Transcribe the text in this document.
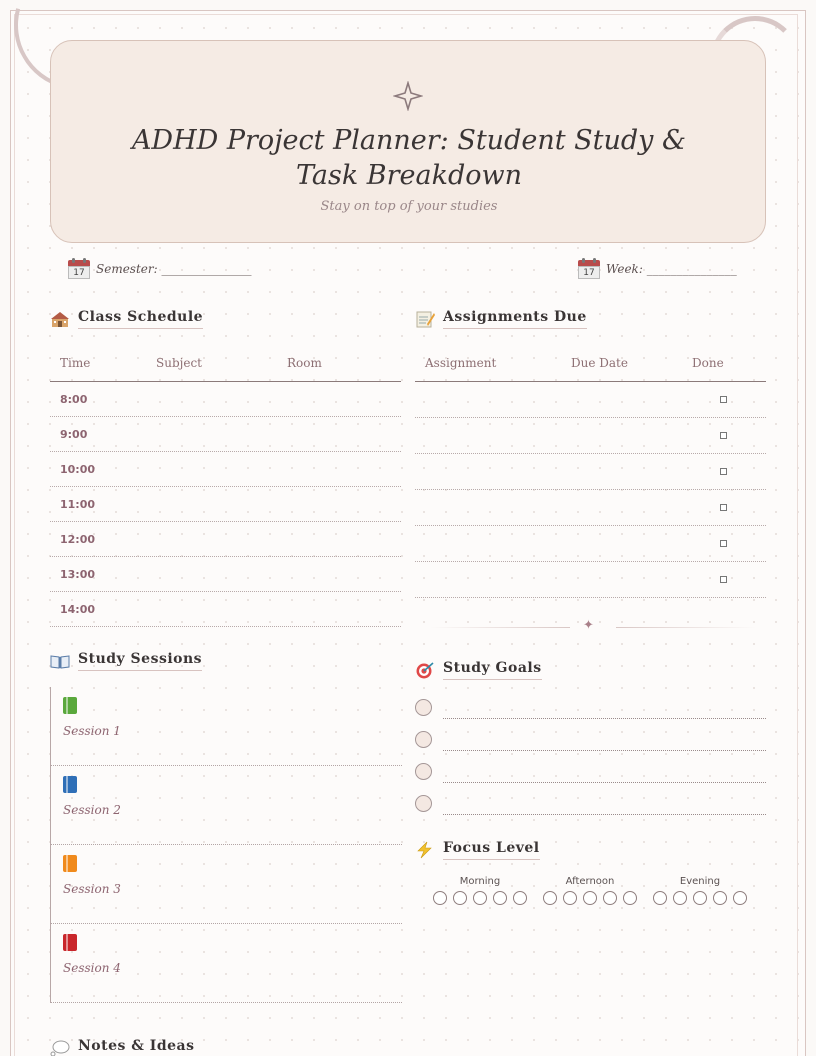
ADHD Project Planner: Student Study & Task Breakdown
Stay on top of your studies
17 Semester: _______________	17 Week: _______________
Class Schedule
Time	Subject	Room
8:00
9:00
10:00
11:00
12:00
13:00
14:00
Assignments Due
Assignment	Due Date	Done
✦
Study Sessions
Session 1
Session 2
Session 3
Session 4
Study Goals
Focus Level
Morning	Afternoon	Evening
Notes & Ideas
